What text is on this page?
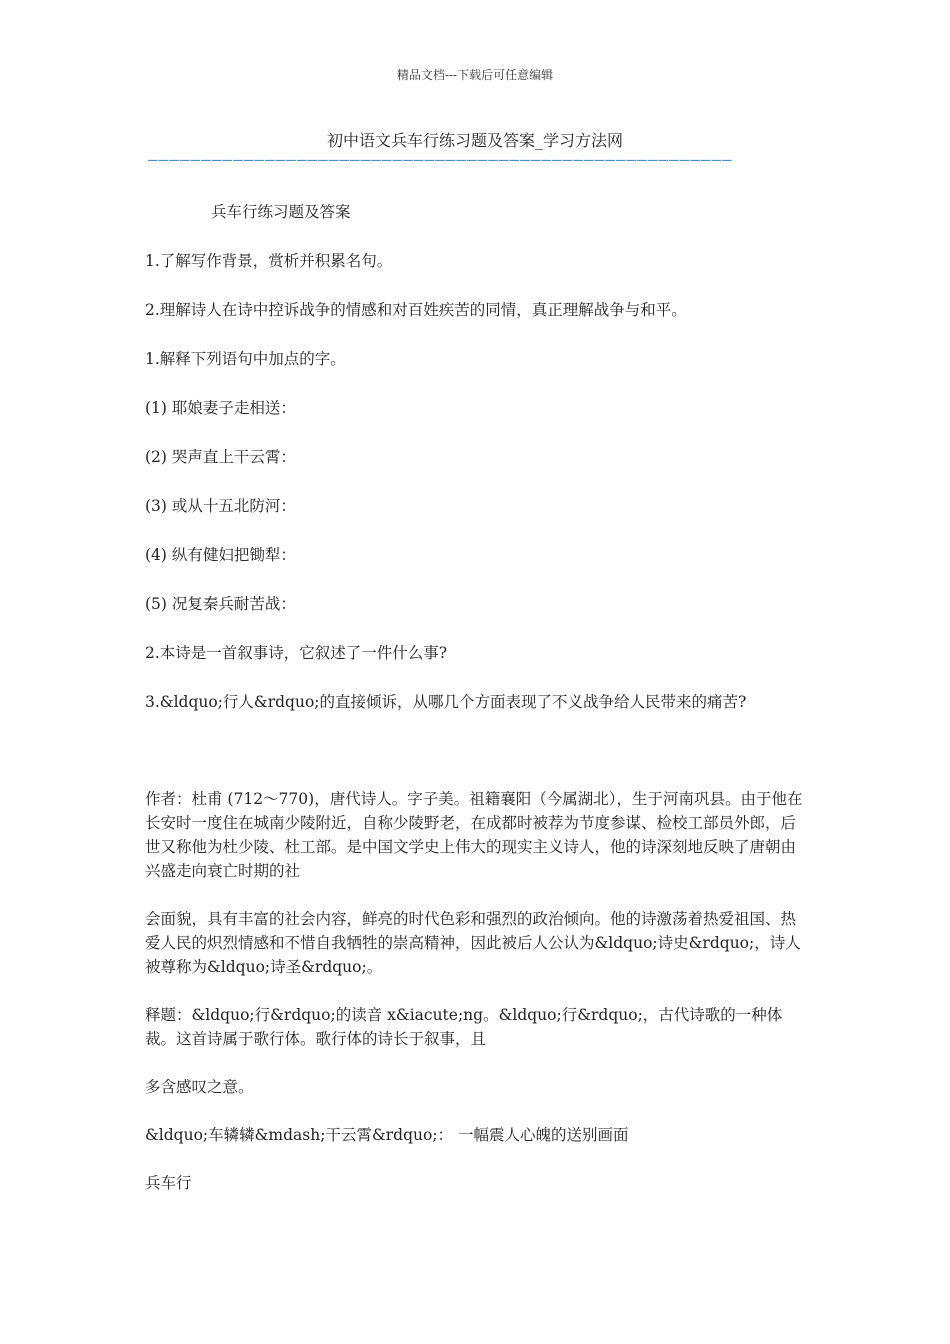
精品文档---下载后可任意编辑
初中语文兵车行练习题及答案_学习方法网
———————————————————————————————————————————————————————

兵车行练习题及答案

1.了解写作背景，赏析并积累名句。

2.理解诗人在诗中控诉战争的情感和对百姓疾苦的同情，真正理解战争与和平。

1.解释下列语句中加点的字。

(1) 耶娘妻子走相送：

(2) 哭声直上干云霄：

(3) 或从十五北防河：

(4) 纵有健妇把锄犁：

(5) 况复秦兵耐苦战：

2.本诗是一首叙事诗，它叙述了一件什么事?

3.&ldquo;行人&rdquo;的直接倾诉，从哪几个方面表现了不义战争给人民带来的痛苦?

作者：杜甫 (712～770)，唐代诗人。字子美。祖籍襄阳（今属湖北），生于河南巩县。由于他在长安时一度住在城南少陵附近，自称少陵野老，在成都时被荐为节度参谋、检校工部员外郎，后世又称他为杜少陵、杜工部。是中国文学史上伟大的现实主义诗人，他的诗深刻地反映了唐朝由兴盛走向衰亡时期的社

会面貌，具有丰富的社会内容，鲜亮的时代色彩和强烈的政治倾向。他的诗激荡着热爱祖国、热爱人民的炽烈情感和不惜自我牺牲的崇高精神，因此被后人公认为&ldquo;诗史&rdquo;，诗人被尊称为&ldquo;诗圣&rdquo;。

释题：&ldquo;行&rdquo;的读音 x&iacute;ng。&ldquo;行&rdquo;，古代诗歌的一种体裁。这首诗属于歌行体。歌行体的诗长于叙事，且

多含感叹之意。

&ldquo;车辚辚&mdash;干云霄&rdquo;： 一幅震人心魄的送别画面

兵车行
